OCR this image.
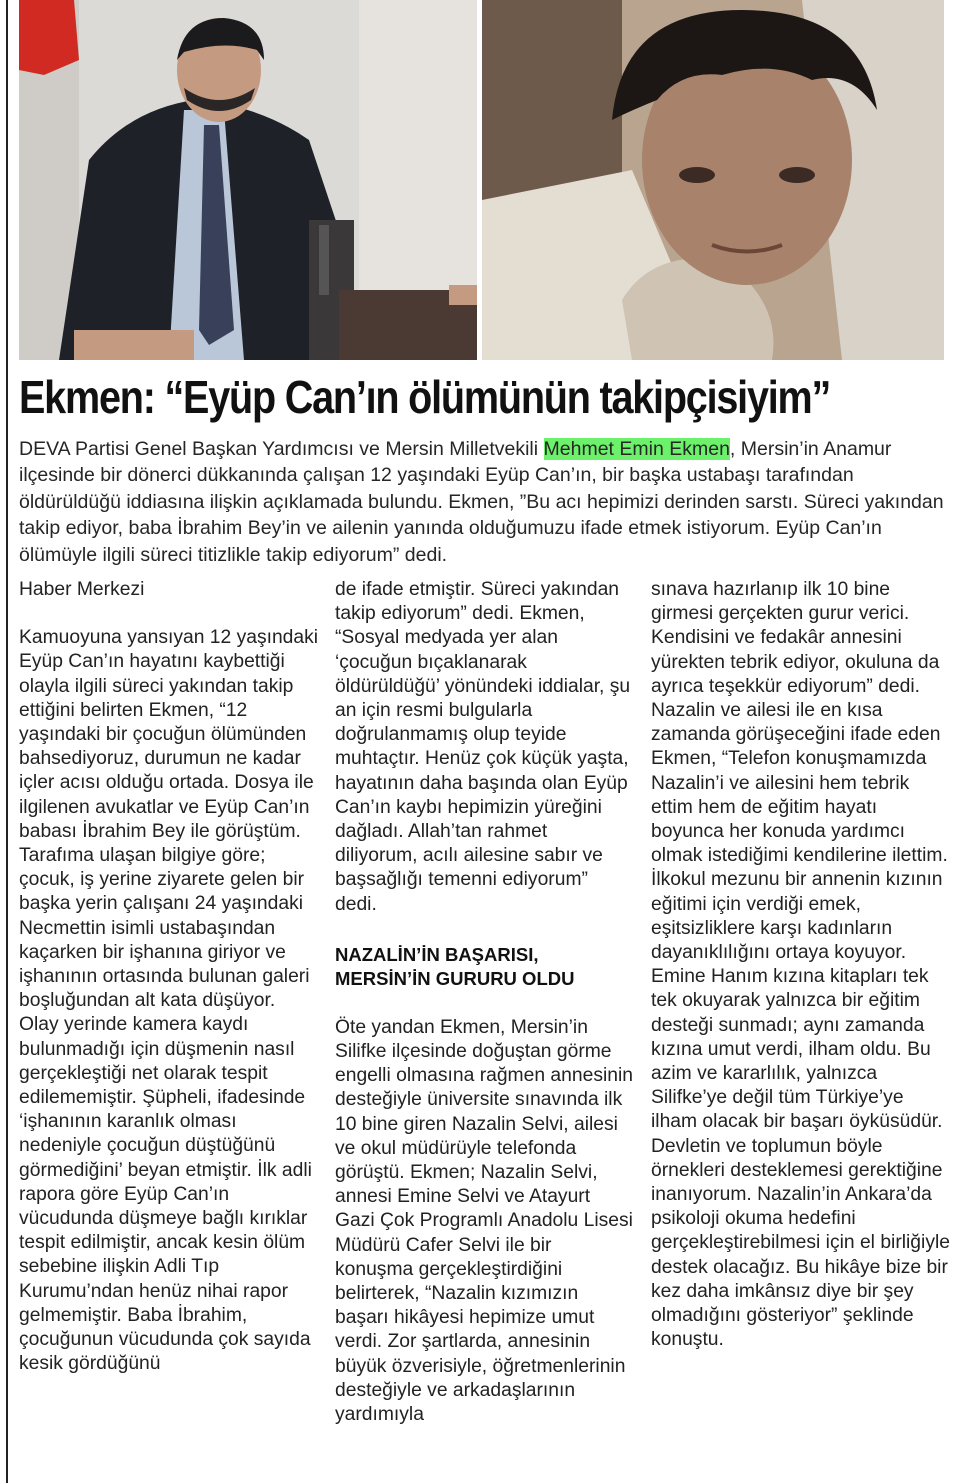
Ekmen: “Eyüp Can’ın ölümünün takipçisiyim”

DEVA Partisi Genel Başkan Yardımcısı ve Mersin Milletvekili Mehmet Emin Ekmen, Mersin’in Anamur ilçesinde bir dönerci dükkanında çalışan 12 yaşındaki Eyüp Can’ın, bir başka ustabaşı tarafından öldürüldüğü iddiasına ilişkin açıklamada bulundu. Ekmen, ”Bu acı hepimizi derinden sarstı. Süreci yakından takip ediyor, baba İbrahim Bey’in ve ailenin yanında olduğumuzu ifade etmek istiyorum. Eyüp Can’ın ölümüyle ilgili süreci titizlikle takip ediyorum” dedi.

Haber Merkezi

Kamuoyuna yansıyan 12 yaşındaki Eyüp Can’ın hayatını kaybettiği olayla ilgili süreci yakından takip ettiğini belirten Ekmen, “12 yaşındaki bir çocuğun ölümünden bahsediyoruz, durumun ne kadar içler acısı olduğu ortada. Dosya ile ilgilenen avukatlar ve Eyüp Can’ın babası İbrahim Bey ile görüştüm. Tarafıma ulaşan bilgiye göre; çocuk, iş yerine ziyarete gelen bir başka yerin çalışanı 24 yaşındaki Necmettin isimli ustabaşından kaçarken bir işhanına giriyor ve işhanının ortasında bulunan galeri boşluğundan alt kata düşüyor. Olay yerinde kamera kaydı bulunmadığı için düşmenin nasıl gerçekleştiği net olarak tespit edilememiştir. Şüpheli, ifadesinde ‘işhanının karanlık olması nedeniyle çocuğun düştüğünü görmediğini’ beyan etmiştir. İlk adli rapora göre Eyüp Can’ın vücudunda düşmeye bağlı kırıklar tespit edilmiştir, ancak kesin ölüm sebebine ilişkin Adli Tıp Kurumu’ndan henüz nihai rapor gelmemiştir. Baba İbrahim, çocuğunun vücudunda çok sayıda kesik gördüğünü

de ifade etmiştir. Süreci yakından takip ediyorum” dedi. Ekmen, “Sosyal medyada yer alan ‘çocuğun bıçaklanarak öldürüldüğü’ yönündeki iddialar, şu an için resmi bulgularla doğrulanmamış olup teyide muhtaçtır. Henüz çok küçük yaşta, hayatının daha başında olan Eyüp Can’ın kaybı hepimizin yüreğini dağladı. Allah’tan rahmet diliyorum, acılı ailesine sabır ve başsağlığı temenni ediyorum” dedi.

NAZALİN’İN BAŞARISI, MERSİN’İN GURURU OLDU

Öte yandan Ekmen, Mersin’in Silifke ilçesinde doğuştan görme engelli olmasına rağmen annesinin desteğiyle üniversite sınavında ilk 10 bine giren Nazalin Selvi, ailesi ve okul müdürüyle telefonda görüştü. Ekmen; Nazalin Selvi, annesi Emine Selvi ve Atayurt Gazi Çok Programlı Anadolu Lisesi Müdürü Cafer Selvi ile bir konuşma gerçekleştirdiğini belirterek, “Nazalin kızımızın başarı hikâyesi hepimize umut verdi. Zor şartlarda, annesinin büyük özverisiyle, öğretmenlerinin desteğiyle ve arkadaşlarının yardımıyla

sınava hazırlanıp ilk 10 bine girmesi gerçekten gurur verici. Kendisini ve fedakâr annesini yürekten tebrik ediyor, okuluna da ayrıca teşekkür ediyorum” dedi. Nazalin ve ailesi ile en kısa zamanda görüşeceğini ifade eden Ekmen, “Telefon konuşmamızda Nazalin’i ve ailesini hem tebrik ettim hem de eğitim hayatı boyunca her konuda yardımcı olmak istediğimi kendilerine ilettim. İlkokul mezunu bir annenin kızının eğitimi için verdiği emek, eşitsizliklere karşı kadınların dayanıklılığını ortaya koyuyor. Emine Hanım kızına kitapları tek tek okuyarak yalnızca bir eğitim desteği sunmadı; aynı zamanda kızına umut verdi, ilham oldu. Bu azim ve kararlılık, yalnızca Silifke’ye değil tüm Türkiye’ye ilham olacak bir başarı öyküsüdür. Devletin ve toplumun böyle örnekleri desteklemesi gerektiğine inanıyorum. Nazalin’in Ankara’da psikoloji okuma hedefini gerçekleştirebilmesi için el birliğiyle destek olacağız. Bu hikâye bize bir kez daha imkânsız diye bir şey olmadığını gösteriyor” şeklinde konuştu.
